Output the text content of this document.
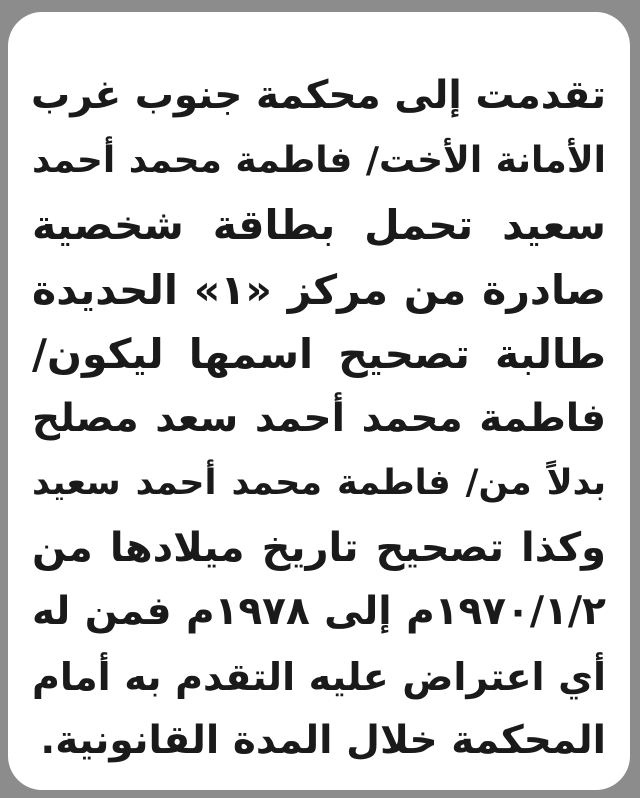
تقدمت إلى محكمة جنوب غرب
الأمانة الأخت/ فاطمة محمد أحمد
سعيد تحمل بطاقة شخصية
صادرة من مركز «١» الحديدة
طالبة تصحيح اسمها ليكون/
فاطمة محمد أحمد سعد مصلح
بدلاً من/ فاطمة محمد أحمد سعيد
وكذا تصحيح تاريخ ميلادها من
١٩٧٠/١/٢م إلى ١٩٧٨م فمن له
أي اعتراض عليه التقدم به أمام
المحكمة خلال المدة القانونية.
